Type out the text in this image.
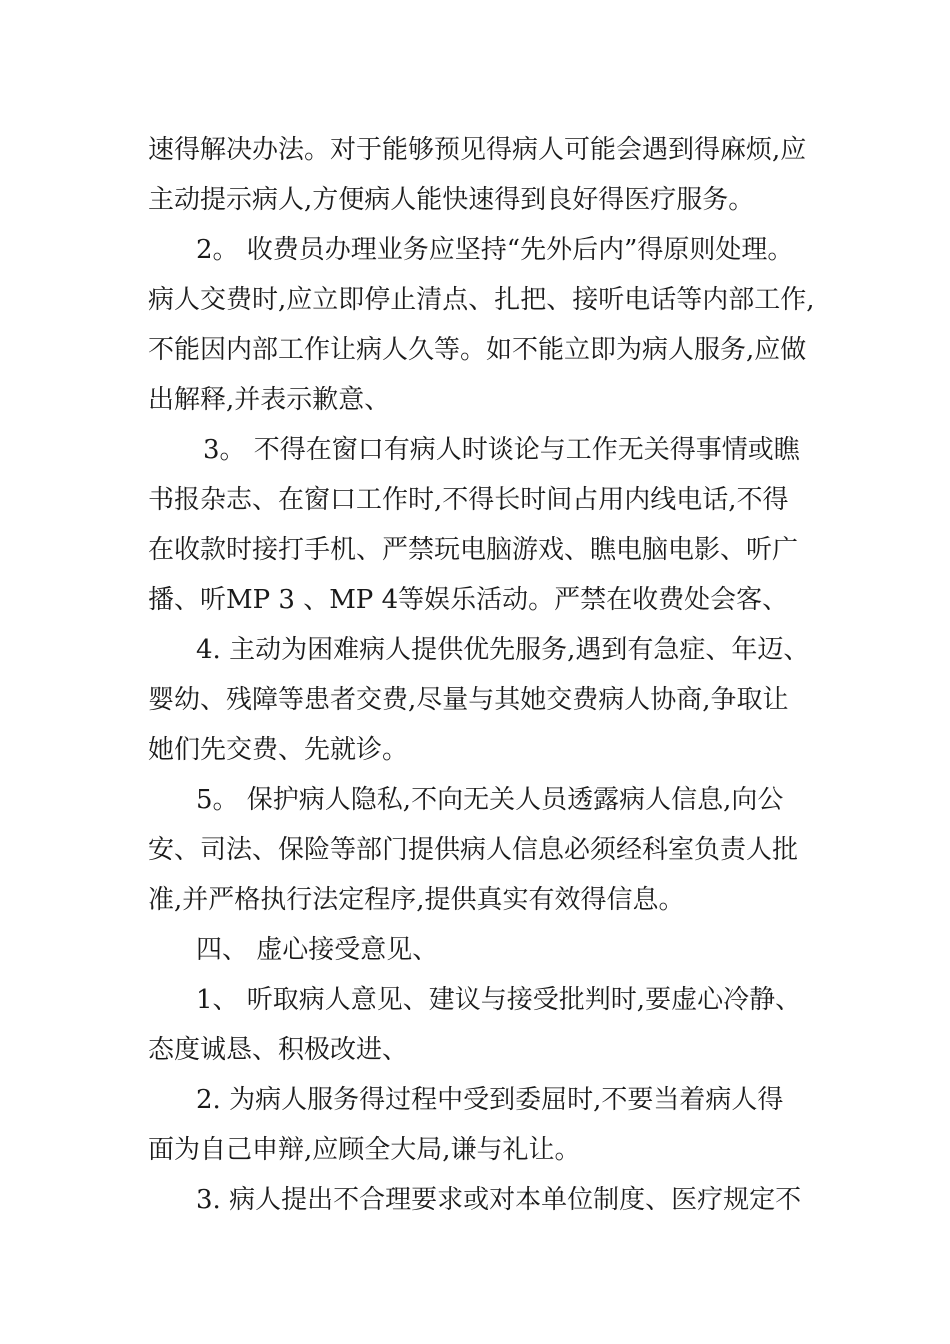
速得解决办法。对于能够预见得病人可能会遇到得麻烦,应
主动提示病人,方便病人能快速得到良好得医疗服务。
2。 收费员办理业务应坚持“先外后内”得原则处理。
病人交费时,应立即停止清点、扎把、接听电话等内部工作,
不能因内部工作让病人久等。如不能立即为病人服务,应做
出解释,并表示歉意、
3。 不得在窗口有病人时谈论与工作无关得事情或瞧
书报杂志、在窗口工作时,不得长时间占用内线电话,不得
在收款时接打手机、严禁玩电脑游戏、瞧电脑电影、听广
播、听MP 3 、MP 4等娱乐活动。严禁在收费处会客、
4. 主动为困难病人提供优先服务,遇到有急症、年迈、
婴幼、残障等患者交费,尽量与其她交费病人协商,争取让
她们先交费、先就诊。
5。 保护病人隐私,不向无关人员透露病人信息,向公
安、司法、保险等部门提供病人信息必须经科室负责人批
准,并严格执行法定程序,提供真实有效得信息。
四、 虚心接受意见、
1、 听取病人意见、建议与接受批判时,要虚心冷静、
态度诚恳、积极改进、
2. 为病人服务得过程中受到委屈时,不要当着病人得
面为自己申辩,应顾全大局,谦与礼让。
3. 病人提出不合理要求或对本单位制度、医疗规定不
